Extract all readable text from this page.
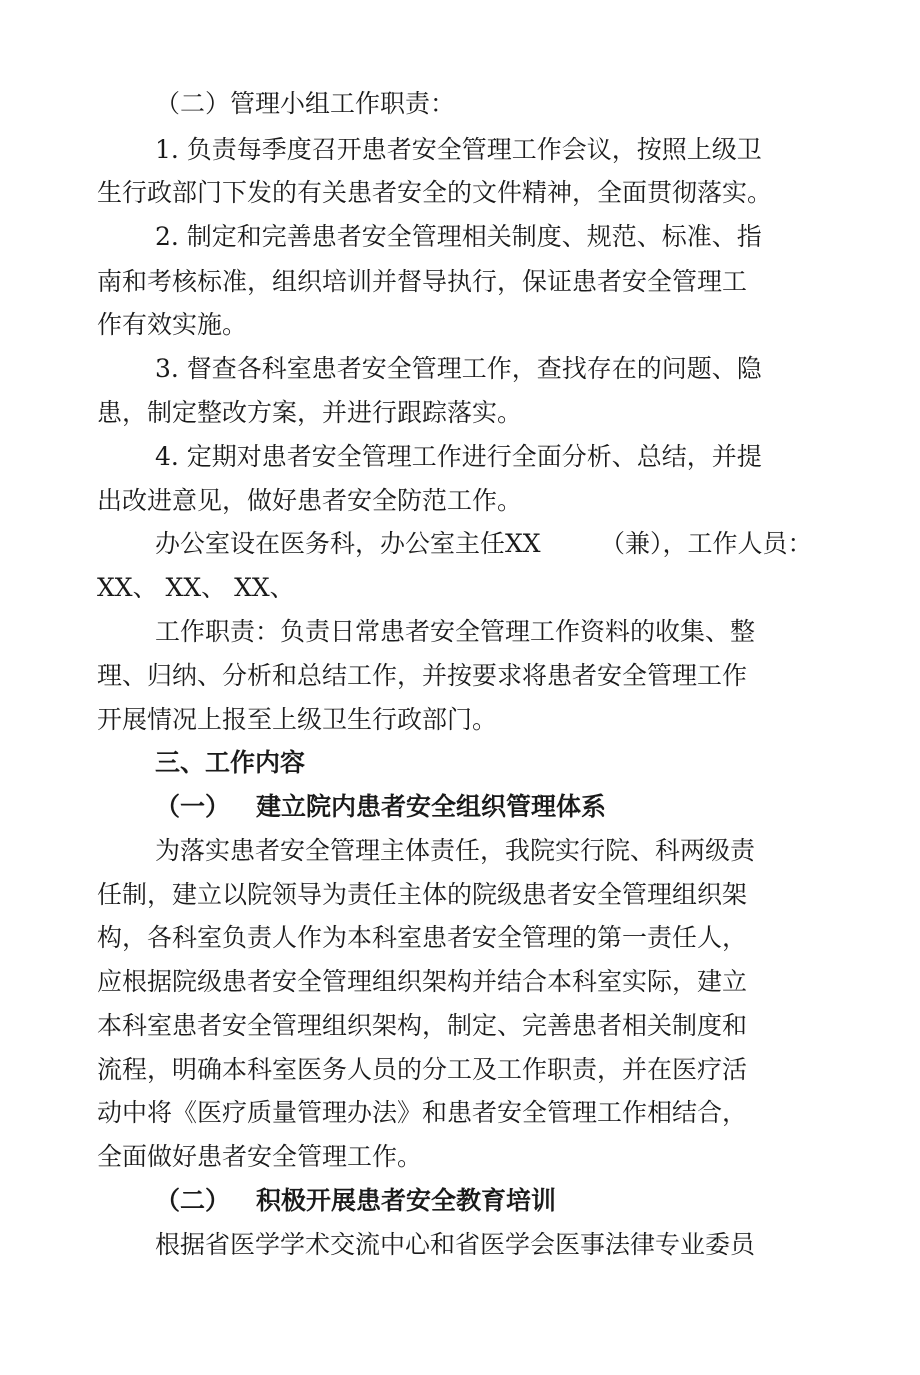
（二）管理小组工作职责：
1. 负责每季度召开患者安全管理工作会议，按照上级卫
生行政部门下发的有关患者安全的文件精神，全面贯彻落实。
2. 制定和完善患者安全管理相关制度、规范、标准、指
南和考核标准，组织培训并督导执行，保证患者安全管理工
作有效实施。
3. 督查各科室患者安全管理工作，查找存在的问题、隐
患，制定整改方案，并进行跟踪落实。
4. 定期对患者安全管理工作进行全面分析、总结，并提
出改进意见，做好患者安全防范工作。
办公室设在医务科，办公室主任XX （兼），工作人员：
XX、 XX、 XX、
工作职责：负责日常患者安全管理工作资料的收集、整
理、归纳、分析和总结工作，并按要求将患者安全管理工作
开展情况上报至上级卫生行政部门。
三、工作内容
（一） 建立院内患者安全组织管理体系
为落实患者安全管理主体责任，我院实行院、科两级责
任制，建立以院领导为责任主体的院级患者安全管理组织架
构，各科室负责人作为本科室患者安全管理的第一责任人，
应根据院级患者安全管理组织架构并结合本科室实际，建立
本科室患者安全管理组织架构，制定、完善患者相关制度和
流程，明确本科室医务人员的分工及工作职责，并在医疗活
动中将《医疗质量管理办法》和患者安全管理工作相结合，
全面做好患者安全管理工作。
（二） 积极开展患者安全教育培训
根据省医学学术交流中心和省医学会医事法律专业委员
